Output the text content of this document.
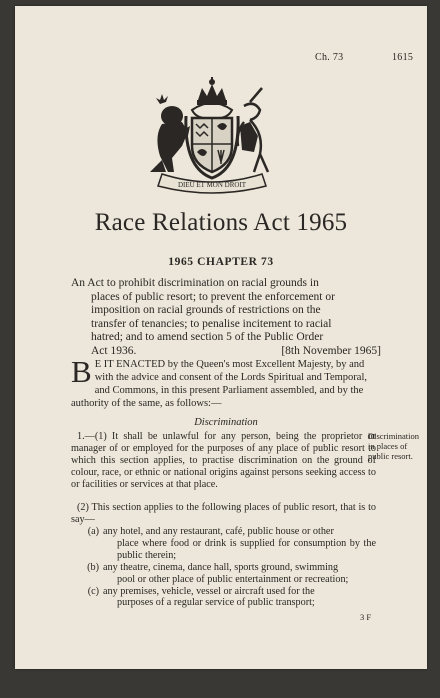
Ch. 73	1615
DIEU ET MON DROIT
Race Relations Act 1965
1965 CHAPTER 73
An Act to prohibit discrimination on racial grounds in
places of public resort; to prevent the enforcement or
imposition on racial grounds of restrictions on the
transfer of tenancies; to penalise incitement to racial
hatred; and to amend section 5 of the Public Order
Act 1936.	[8th November 1965]
B E IT ENACTED by the Queen's most Excellent Majesty, by and with the advice and consent of the Lords Spiritual and Temporal, and Commons, in this present Parliament assembled, and by the authority of the same, as follows:—
Discrimination

1.—(1) It shall be unlawful for any person, being the proprietor or manager of or employed for the purposes of any place of public resort to which this section applies, to practise discrimination on the ground of colour, race, or ethnic or national origins against persons seeking access to or facilities or services at that place.

Discrimination in places of public resort.

(2) This section applies to the following places of public resort, that is to say—

(a) any hotel, and any restaurant, café, public house or other
place where food or drink is supplied for consumption by the public therein;
(b) any theatre, cinema, dance hall, sports ground, swimming
pool or other place of public entertainment or recreation;
(c) any premises, vehicle, vessel or aircraft used for the
purposes of a regular service of public transport;
3 F
